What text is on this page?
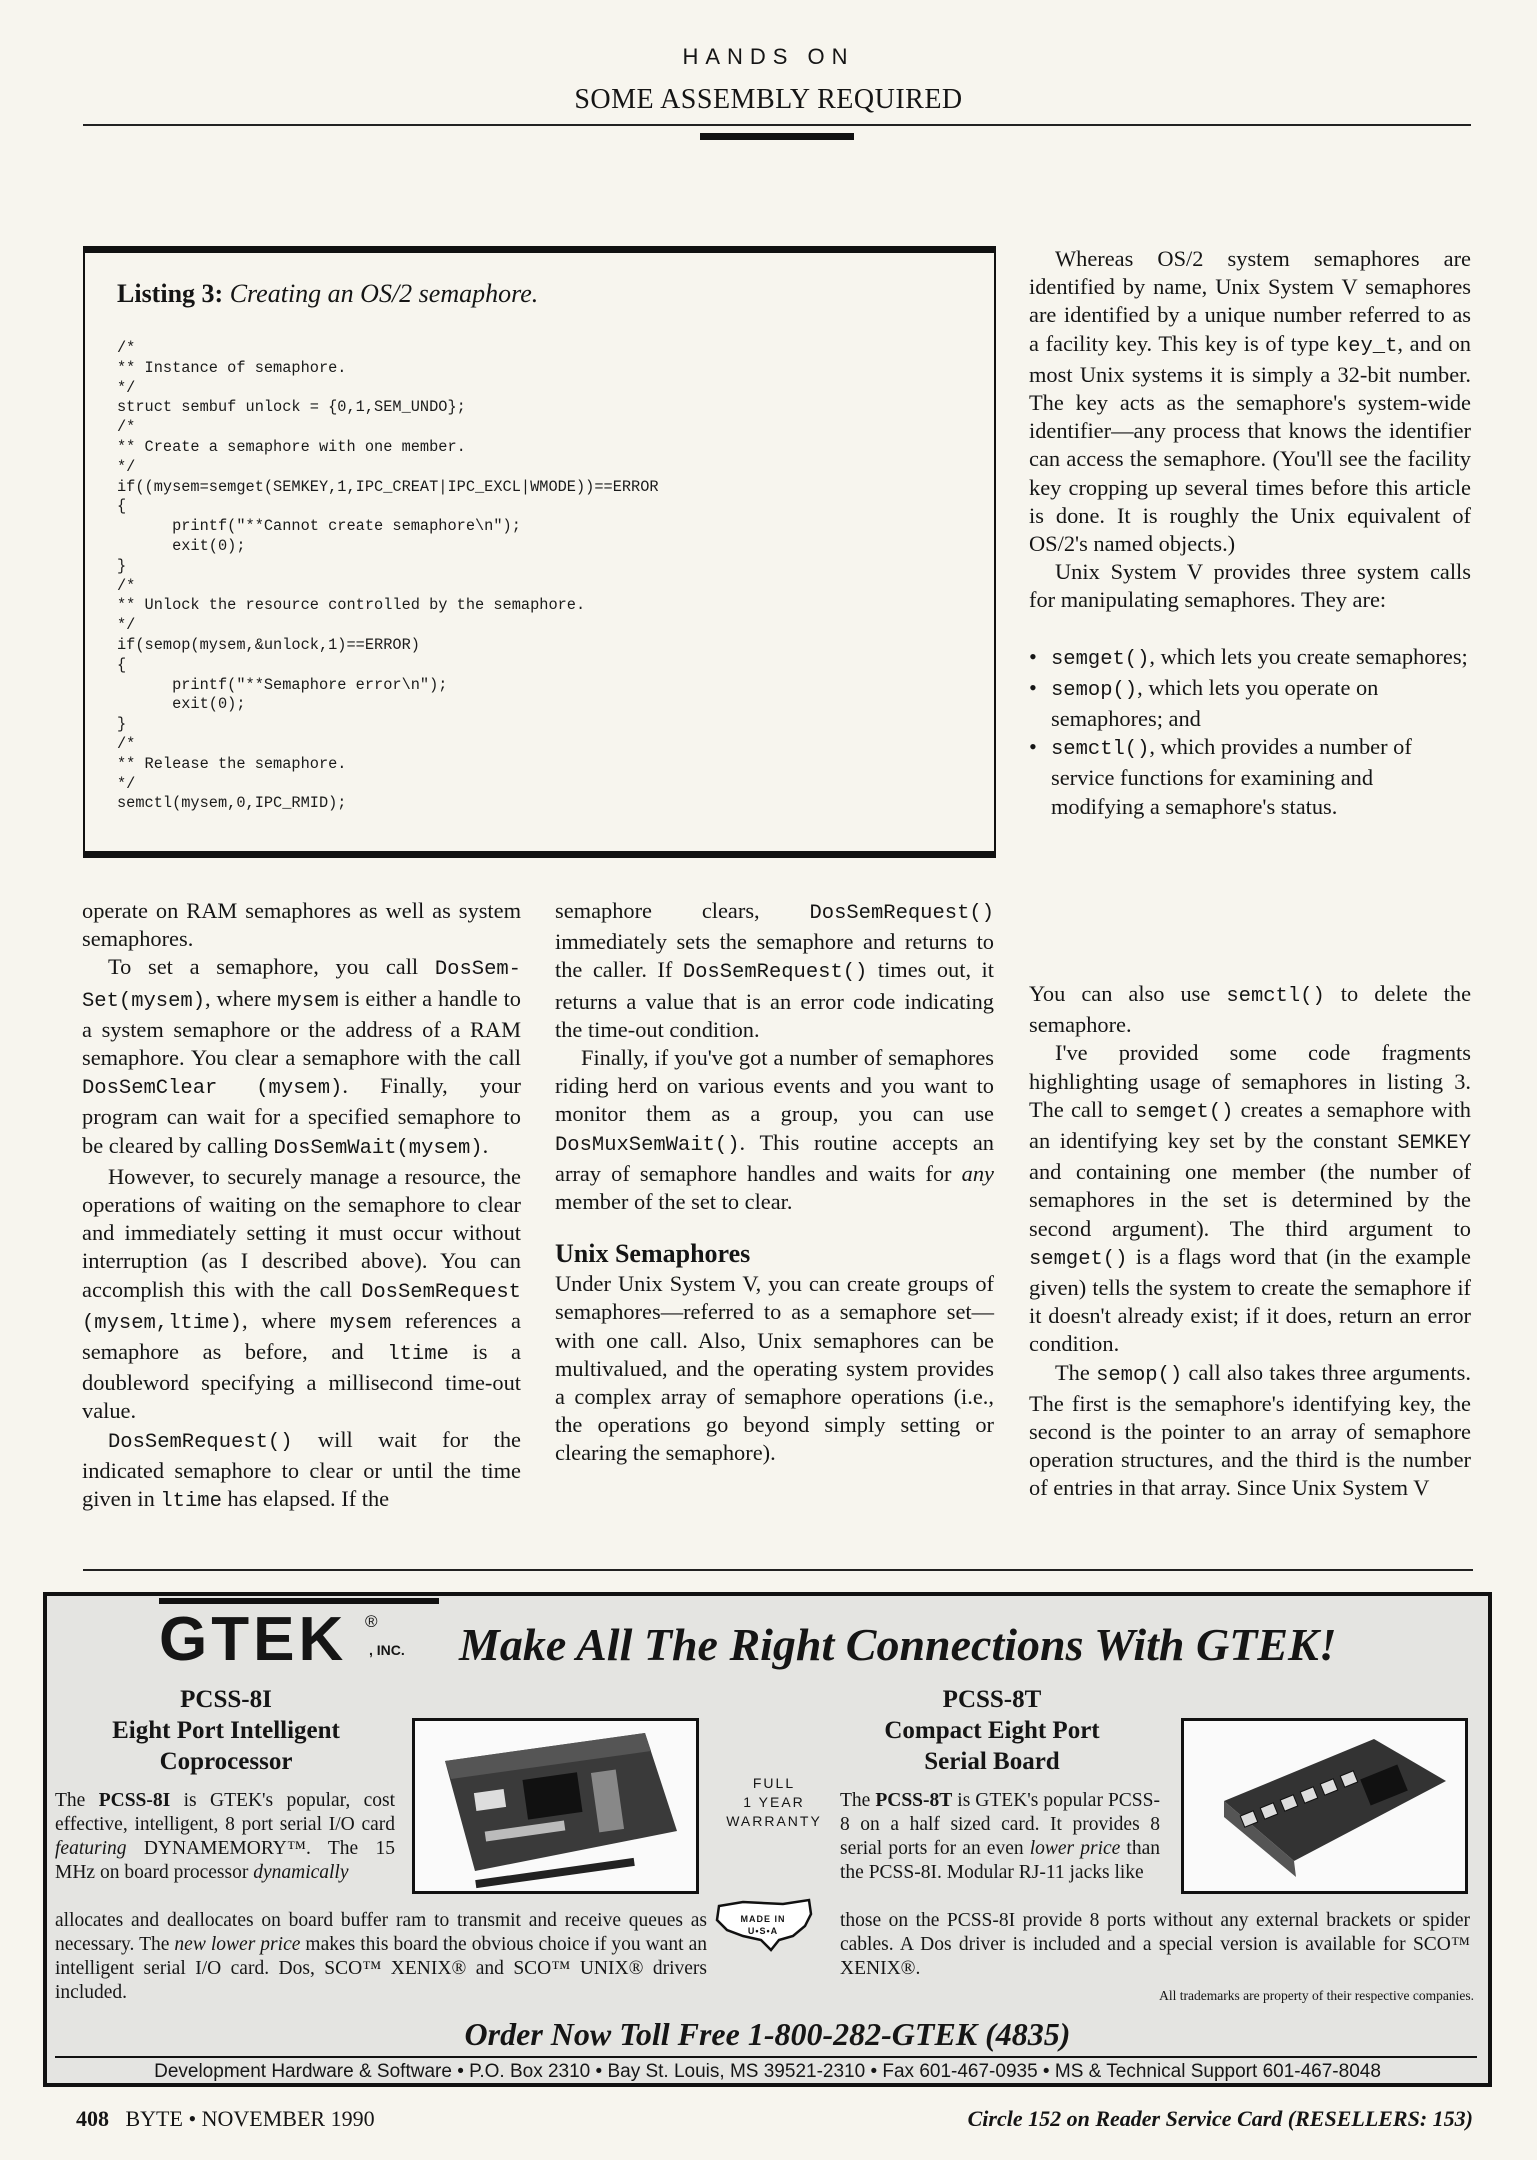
HANDS ON
SOME ASSEMBLY REQUIRED
Listing 3: Creating an OS/2 semaphore.
/*
** Instance of semaphore.
*/
struct sembuf unlock = {0,1,SEM_UNDO};
/*
** Create a semaphore with one member.
*/
if((mysem=semget(SEMKEY,1,IPC_CREAT|IPC_EXCL|WMODE))==ERROR
{
printf("**Cannot create semaphore\n");
exit(0);
}
/*
** Unlock the resource controlled by the semaphore.
*/
if(semop(mysem,&unlock,1)==ERROR)
{
printf("**Semaphore error\n");
exit(0);
}
/*
** Release the semaphore.
*/
semctl(mysem,0,IPC_RMID);

Whereas OS/2 system semaphores are identified by name, Unix System V semaphores are identified by a unique number referred to as a facility key. This key is of type key_t, and on most Unix systems it is simply a 32-bit number. The key acts as the semaphore's system-wide identifier—any process that knows the identifier can access the semaphore. (You'll see the facility key cropping up several times before this article is done. It is roughly the Unix equivalent of OS/2's named objects.)

Unix System V provides three system calls for manipulating semaphores. They are:

• semget(), which lets you create semaphores;
• semop(), which lets you operate on semaphores; and
• semctl(), which provides a number of service functions for examining and modifying a semaphore's status.

operate on RAM semaphores as well as system semaphores.

To set a semaphore, you call DosSem-Set(mysem), where mysem is either a handle to a system semaphore or the address of a RAM semaphore. You clear a semaphore with the call DosSemClear (mysem). Finally, your program can wait for a specified semaphore to be cleared by calling DosSemWait(mysem).

However, to securely manage a resource, the operations of waiting on the semaphore to clear and immediately setting it must occur without interruption (as I described above). You can accomplish this with the call DosSemRequest (mysem,ltime), where mysem references a semaphore as before, and ltime is a doubleword specifying a millisecond time-out value.

DosSemRequest() will wait for the indicated semaphore to clear or until the time given in ltime has elapsed. If the

semaphore clears, DosSemRequest() immediately sets the semaphore and returns to the caller. If DosSemRequest() times out, it returns a value that is an error code indicating the time-out condition.

Finally, if you've got a number of semaphores riding herd on various events and you want to monitor them as a group, you can use DosMuxSemWait(). This routine accepts an array of semaphore handles and waits for any member of the set to clear.

Unix Semaphores

Under Unix System V, you can create groups of semaphores—referred to as a semaphore set—with one call. Also, Unix semaphores can be multivalued, and the operating system provides a complex array of semaphore operations (i.e., the operations go beyond simply setting or clearing the semaphore).

You can also use semctl() to delete the semaphore.

I've provided some code fragments highlighting usage of semaphores in listing 3. The call to semget() creates a semaphore with an identifying key set by the constant SEMKEY and containing one member (the number of semaphores in the set is determined by the second argument). The third argument to semget() is a flags word that (in the example given) tells the system to create the semaphore if it doesn't already exist; if it does, return an error condition.

The semop() call also takes three arguments. The first is the semaphore's identifying key, the second is the pointer to an array of semaphore operation structures, and the third is the number of entries in that array. Since Unix System V

GTEK ®
, INC. Make All The Right Connections With GTEK!
PCSS-8I
Eight Port Intelligent
Coprocessor
The PCSS-8I is GTEK's popular, cost effective, intelligent, 8 port serial I/O card featuring DYNAMEMORY™. The 15 MHz on board processor dynamically
allocates and deallocates on board buffer ram to transmit and receive queues as necessary. The new lower price makes this board the obvious choice if you want an intelligent serial I/O card. Dos, SCO™ XENIX® and SCO™ UNIX® drivers included.
FULL
1 YEAR
WARRANTY
MADE IN
U•S•A
PCSS-8T
Compact Eight Port
Serial Board
The PCSS-8T is GTEK's popular PCSS-8 on a half sized card. It provides 8 serial ports for an even lower price than the PCSS-8I. Modular RJ-11 jacks like
those on the PCSS-8I provide 8 ports without any external brackets or spider cables. A Dos driver is included and a special version is available for SCO™ XENIX®.
All trademarks are property of their respective companies.
Order Now Toll Free 1-800-282-GTEK (4835)
Development Hardware & Software • P.O. Box 2310 • Bay St. Louis, MS 39521-2310 • Fax 601-467-0935 • MS & Technical Support 601-467-8048
408 BYTE • NOVEMBER 1990	Circle 152 on Reader Service Card (RESELLERS: 153)
